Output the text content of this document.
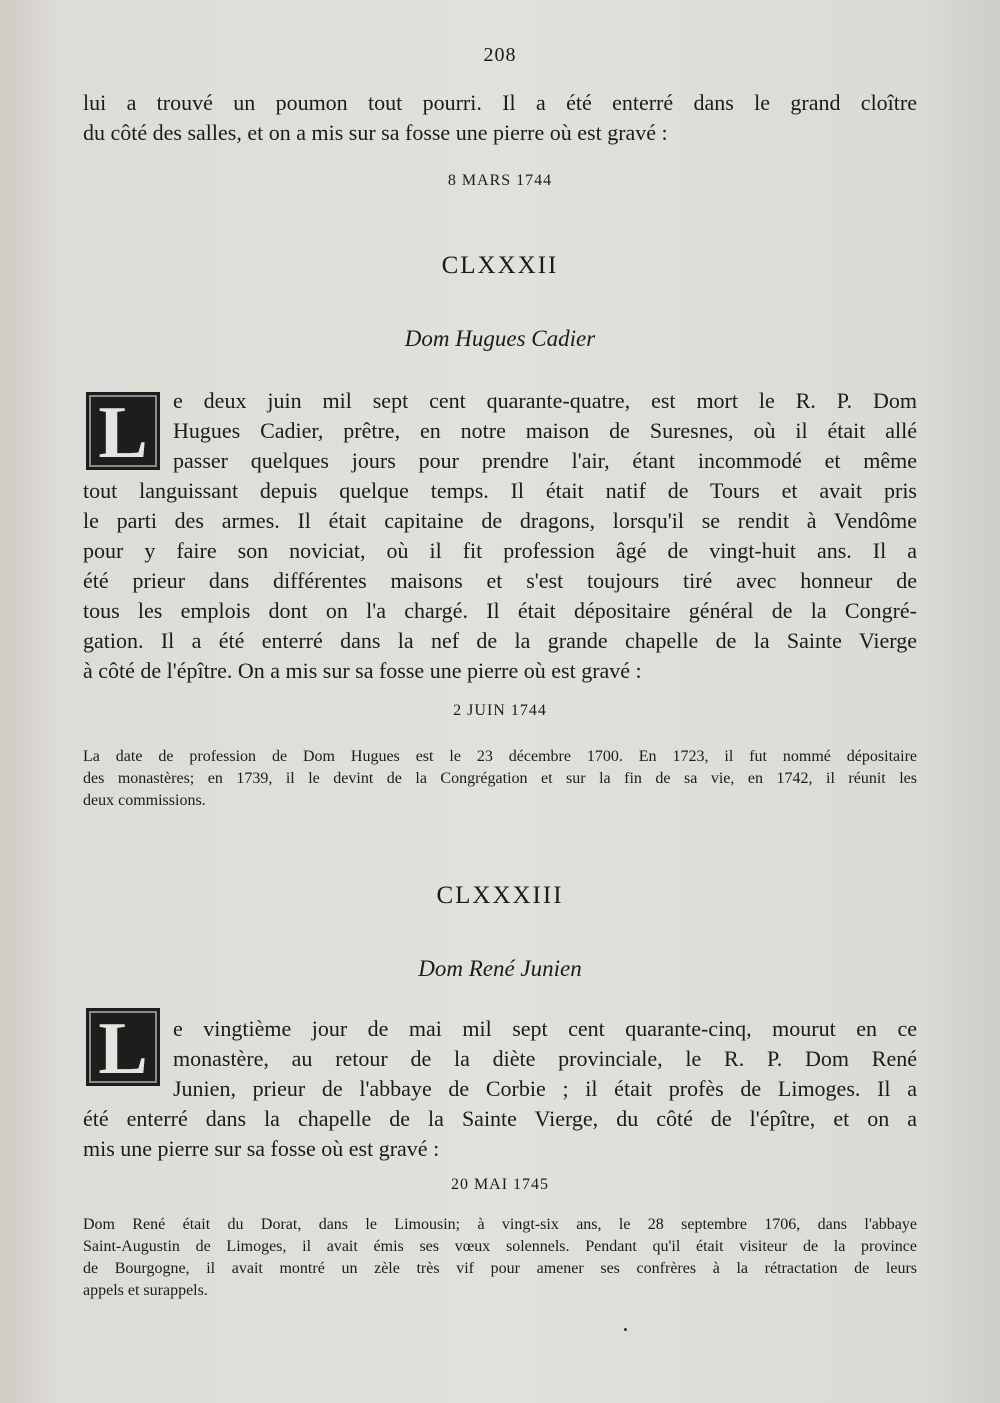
208
lui a trouvé un poumon tout pourri. Il a été enterré dans le grand cloître
du côté des salles, et on a mis sur sa fosse une pierre où est gravé :
8 MARS 1744
CLXXXII
Dom Hugues Cadier
L	e deux juin mil sept cent quarante-quatre, est mort le R. P. Dom
Hugues Cadier, prêtre, en notre maison de Suresnes, où il était allé
passer quelques jours pour prendre l'air, étant incommodé et même
tout languissant depuis quelque temps. Il était natif de Tours et avait pris
le parti des armes. Il était capitaine de dragons, lorsqu'il se rendit à Vendôme
pour y faire son noviciat, où il fit profession âgé de vingt-huit ans. Il a
été prieur dans différentes maisons et s'est toujours tiré avec honneur de
tous les emplois dont on l'a chargé. Il était dépositaire général de la Congré-
gation. Il a été enterré dans la nef de la grande chapelle de la Sainte Vierge
à côté de l'épître. On a mis sur sa fosse une pierre où est gravé :
2 JUIN 1744
La date de profession de Dom Hugues est le 23 décembre 1700. En 1723, il fut nommé dépositaire
des monastères; en 1739, il le devint de la Congrégation et sur la fin de sa vie, en 1742, il réunit les
deux commissions.
CLXXXIII
Dom René Junien
L	e vingtième jour de mai mil sept cent quarante-cinq, mourut en ce
monastère, au retour de la diète provinciale, le R. P. Dom René
Junien, prieur de l'abbaye de Corbie ; il était profès de Limoges. Il a
été enterré dans la chapelle de la Sainte Vierge, du côté de l'épître, et on a
mis une pierre sur sa fosse où est gravé :
20 MAI 1745
Dom René était du Dorat, dans le Limousin; à vingt-six ans, le 28 septembre 1706, dans l'abbaye
Saint-Augustin de Limoges, il avait émis ses vœux solennels. Pendant qu'il était visiteur de la province
de Bourgogne, il avait montré un zèle très vif pour amener ses confrères à la rétractation de leurs
appels et surappels.
